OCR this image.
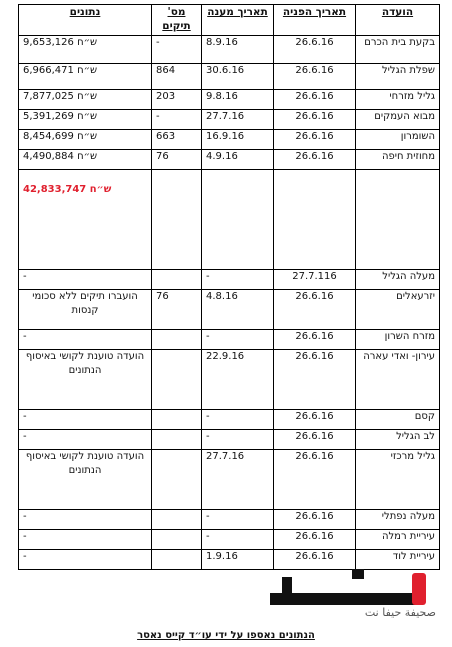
הועדה	תאריך הפניה	תאריך מענה	מס' תיקים	נתונים
בקעת בית הכרם	26.6.16	8.9.16	-	9,653,126 ש״ח
שפלת הגליל	26.6.16	30.6.16	864	6,966,471 ש״ח
גליל מזרחי	26.6.16	9.8.16	203	7,877,025 ש״ח
מבוא העמקים	26.6.16	27.7.16	-	5,391,269 ש״ח
השומרון	26.6.16	16.9.16	663	8,454,699 ש״ח
מחוזית חיפה	26.6.16	4.9.16	76	4,490,884 ש״ח
				42,833,747 ש״ח
מעלה הגליל	27.7.116	-		-
יזרעאלים	26.6.16	4.8.16	76	הועברו תיקים ללא סכומי קנסות
מזרח השרון	26.6.16	-		-
עירון- ואדי עארה	26.6.16	22.9.16		הועדה טוענת לקושי באיסוף הנתונים
קסם	26.6.16	-		-
לב הגליל	26.6.16	-		-
גליל מרכזי	26.6.16	27.7.16		הועדה טוענת לקושי באיסוף הנתונים
מעלה נפתלי	26.6.16	-		-
עיריית רמלה	26.6.16	-		-
עיריית לוד	26.6.16	1.9.16		-
صحيفة حيفا نت
הנתונים נאספו על ידי עו״ד קייס נאסר
